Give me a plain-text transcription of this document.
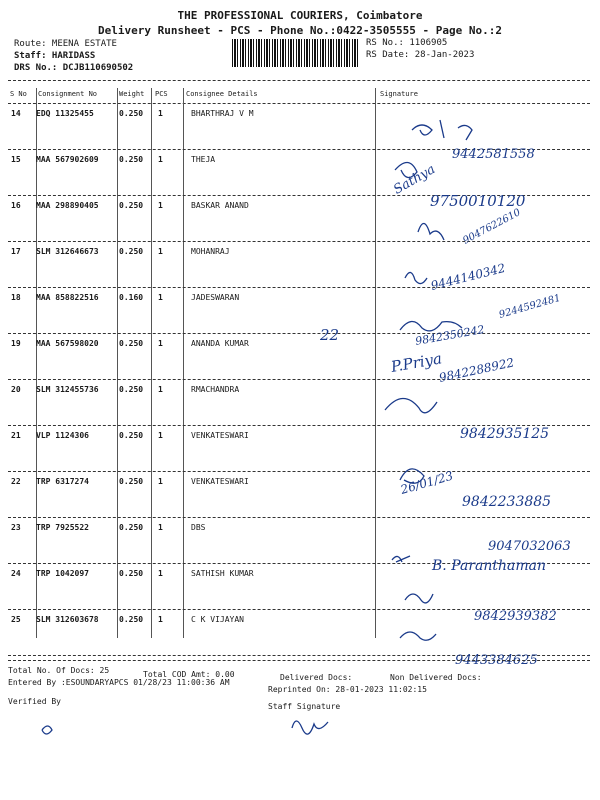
THE PROFESSIONAL COURIERS, Coimbatore
Delivery Runsheet - PCS - Phone No.:0422-3505555 - Page No.:2
Route: MEENA ESTATE
Staff: HARIDASS
DRS No.: DCJB110690502
RS No.: 1106905
RS Date: 28-Jan-2023
S No Consignment No	Weight PCS	Consignee Details	Signature
14 EDQ 11325455	0.250 1	BHARTHRAJ V M
15 MAA 567902609	0.250 1	THEJA
16 MAA 298890405	0.250 1	BASKAR ANAND
17 SLM 312646673	0.250 1	MOHANRAJ
18 MAA 858822516	0.160 1	JADESWARAN
19 MAA 567598020	0.250 1	ANANDA KUMAR
20 SLM 312455736	0.250 1	RMACHANDRA
21 VLP 1124306	0.250 1	VENKATESWARI
22 TRP 6317274	0.250 1	VENKATESWARI
23 TRP 7925522	0.250 1	DBS
24 TRP 1042097	0.250 1	SATHISH KUMAR
25 SLM 312603678	0.250 1	C K VIJAYAN
9442581558
Sathya
9750010120
9047622610
9444140342
22
9244592481
9842350242
P.Priya
9842288922
9842935125
26/01/23
9842233885
9047032063
B. Paranthaman
9842939382
9443384625
Total No. Of Docs: 25	Total COD Amt: 0.00	Delivered Docs:	Non Delivered Docs:
Entered By :ESOUNDARYAPCS 01/28/23 11:00:36 AM
Reprinted On: 28-01-2023 11:02:15
Verified By
Staff Signature
